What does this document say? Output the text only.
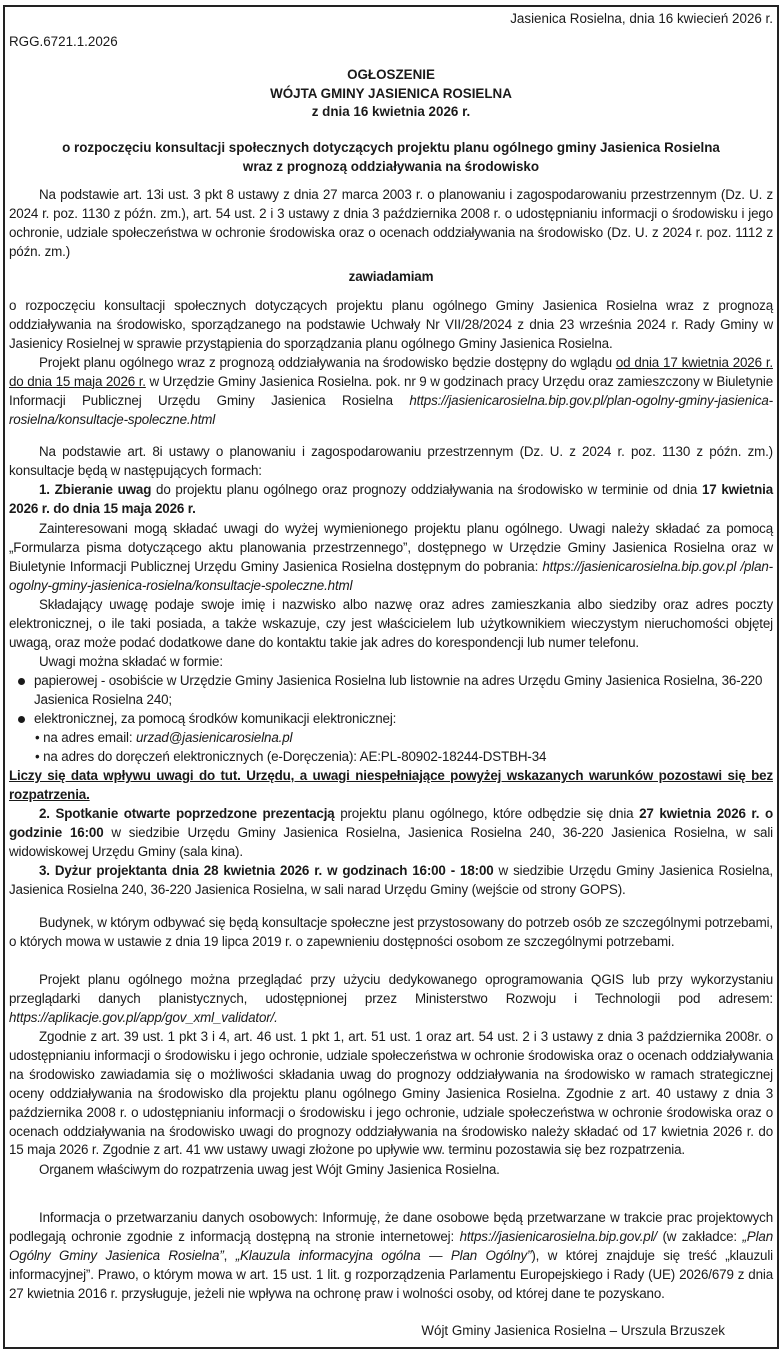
Jasienica Rosielna, dnia 16 kwiecień 2026 r.
RGG.6721.1.2026
OGŁOSZENIE
WÓJTA GMINY JASIENICA ROSIELNA
z dnia 16 kwietnia 2026 r.
o rozpoczęciu konsultacji społecznych dotyczących projektu planu ogólnego gminy Jasienica Rosielna
wraz z prognozą oddziaływania na środowisko
Na podstawie art. 13i ust. 3 pkt 8 ustawy z dnia 27 marca 2003 r. o planowaniu i zagospodarowaniu przestrzennym (Dz. U. z 2024 r. poz. 1130 z późn. zm.), art. 54 ust. 2 i 3 ustawy z dnia 3 października 2008 r. o udostępnianiu informacji o środowisku i jego ochronie, udziale społeczeństwa w ochronie środowiska oraz o ocenach oddziaływania na środowisko (Dz. U. z 2024 r. poz. 1112 z późn. zm.)
zawiadamiam
o rozpoczęciu konsultacji społecznych dotyczących projektu planu ogólnego Gminy Jasienica Rosielna wraz z prognozą oddziaływania na środowisko, sporządzanego na podstawie Uchwały Nr VII/28/2024 z dnia 23 września 2024 r. Rady Gminy w Jasienicy Rosielnej w sprawie przystąpienia do sporządzania planu ogólnego Gminy Jasienica Rosielna.
Projekt planu ogólnego wraz z prognozą oddziaływania na środowisko będzie dostępny do wglądu od dnia 17 kwietnia 2026 r. do dnia 15 maja 2026 r. w Urzędzie Gminy Jasienica Rosielna. pok. nr 9 w godzinach pracy Urzędu oraz zamieszczony w Biuletynie Informacji Publicznej Urzędu Gminy Jasienica Rosielna https://jasienicarosielna.bip.gov.pl/plan-ogolny-gminy-jasienica-rosielna/konsultacje-spoleczne.html
Na podstawie art. 8i ustawy o planowaniu i zagospodarowaniu przestrzennym (Dz. U. z 2024 r. poz. 1130 z późn. zm.) konsultacje będą w następujących formach:
1. Zbieranie uwag do projektu planu ogólnego oraz prognozy oddziaływania na środowisko w terminie od dnia 17 kwietnia 2026 r. do dnia 15 maja 2026 r.
Zainteresowani mogą składać uwagi do wyżej wymienionego projektu planu ogólnego. Uwagi należy składać za pomocą „Formularza pisma dotyczącego aktu planowania przestrzennego”, dostępnego w Urzędzie Gminy Jasienica Rosielna oraz w Biuletynie Informacji Publicznej Urzędu Gminy Jasienica Rosielna dostępnym do pobrania: https://jasienicarosielna.bip.gov.pl /plan-ogolny-gminy-jasienica-rosielna/konsultacje-spoleczne.html
Składający uwagę podaje swoje imię i nazwisko albo nazwę oraz adres zamieszkania albo siedziby oraz adres poczty elektronicznej, o ile taki posiada, a także wskazuje, czy jest właścicielem lub użytkownikiem wieczystym nieruchomości objętej uwagą, oraz może podać dodatkowe dane do kontaktu takie jak adres do korespondencji lub numer telefonu.
Uwagi można składać w formie:
papierowej - osobiście w Urzędzie Gminy Jasienica Rosielna lub listownie na adres Urzędu Gminy Jasienica Rosielna, 36-220 Jasienica Rosielna 240;
elektronicznej, za pomocą środków komunikacji elektronicznej:
• na adres email: urzad@jasienicarosielna.pl
• na adres do doręczeń elektronicznych (e-Doręczenia): AE:PL-80902-18244-DSTBH-34
Liczy się data wpływu uwagi do tut. Urzędu, a uwagi niespełniające powyżej wskazanych warunków pozostawi się bez rozpatrzenia.
2. Spotkanie otwarte poprzedzone prezentacją projektu planu ogólnego, które odbędzie się dnia 27 kwietnia 2026 r. o godzinie 16:00 w siedzibie Urzędu Gminy Jasienica Rosielna, Jasienica Rosielna 240, 36-220 Jasienica Rosielna, w sali widowiskowej Urzędu Gminy (sala kina).
3. Dyżur projektanta dnia 28 kwietnia 2026 r. w godzinach 16:00 - 18:00 w siedzibie Urzędu Gminy Jasienica Rosielna, Jasienica Rosielna 240, 36-220 Jasienica Rosielna, w sali narad Urzędu Gminy (wejście od strony GOPS).
Budynek, w którym odbywać się będą konsultacje społeczne jest przystosowany do potrzeb osób ze szczególnymi potrzebami, o których mowa w ustawie z dnia 19 lipca 2019 r. o zapewnieniu dostępności osobom ze szczególnymi potrzebami.
Projekt planu ogólnego można przeglądać przy użyciu dedykowanego oprogramowania QGIS lub przy wykorzystaniu przeglądarki danych planistycznych, udostępnionej przez Ministerstwo Rozwoju i Technologii pod adresem: https://aplikacje.gov.pl/app/gov_xml_validator/.
Zgodnie z art. 39 ust. 1 pkt 3 i 4, art. 46 ust. 1 pkt 1, art. 51 ust. 1 oraz art. 54 ust. 2 i 3 ustawy z dnia 3 października 2008r. o udostępnianiu informacji o środowisku i jego ochronie, udziale społeczeństwa w ochronie środowiska oraz o ocenach oddziaływania na środowisko zawiadamia się o możliwości składania uwag do prognozy oddziaływania na środowisko w ramach strategicznej oceny oddziaływania na środowisko dla projektu planu ogólnego Gminy Jasienica Rosielna. Zgodnie z art. 40 ustawy z dnia 3 października 2008 r. o udostępnianiu informacji o środowisku i jego ochronie, udziale społeczeństwa w ochronie środowiska oraz o ocenach oddziaływania na środowisko uwagi do prognozy oddziaływania na środowisko należy składać od 17 kwietnia 2026 r. do 15 maja 2026 r. Zgodnie z art. 41 ww ustawy uwagi złożone po upływie ww. terminu pozostawia się bez rozpatrzenia.
Organem właściwym do rozpatrzenia uwag jest Wójt Gminy Jasienica Rosielna.
Informacja o przetwarzaniu danych osobowych: Informuję, że dane osobowe będą przetwarzane w trakcie prac projektowych podlegają ochronie zgodnie z informacją dostępną na stronie internetowej: https://jasienicarosielna.bip.gov.pl/ (w zakładce: „Plan Ogólny Gminy Jasienica Rosielna”, „Klauzula informacyjna ogólna — Plan Ogólny”), w której znajduje się treść „klauzuli informacyjnej”. Prawo, o którym mowa w art. 15 ust. 1 lit. g rozporządzenia Parlamentu Europejskiego i Rady (UE) 2026/679 z dnia 27 kwietnia 2016 r. przysługuje, jeżeli nie wpływa na ochronę praw i wolności osoby, od której dane te pozyskano.
Wójt Gminy Jasienica Rosielna – Urszula Brzuszek
